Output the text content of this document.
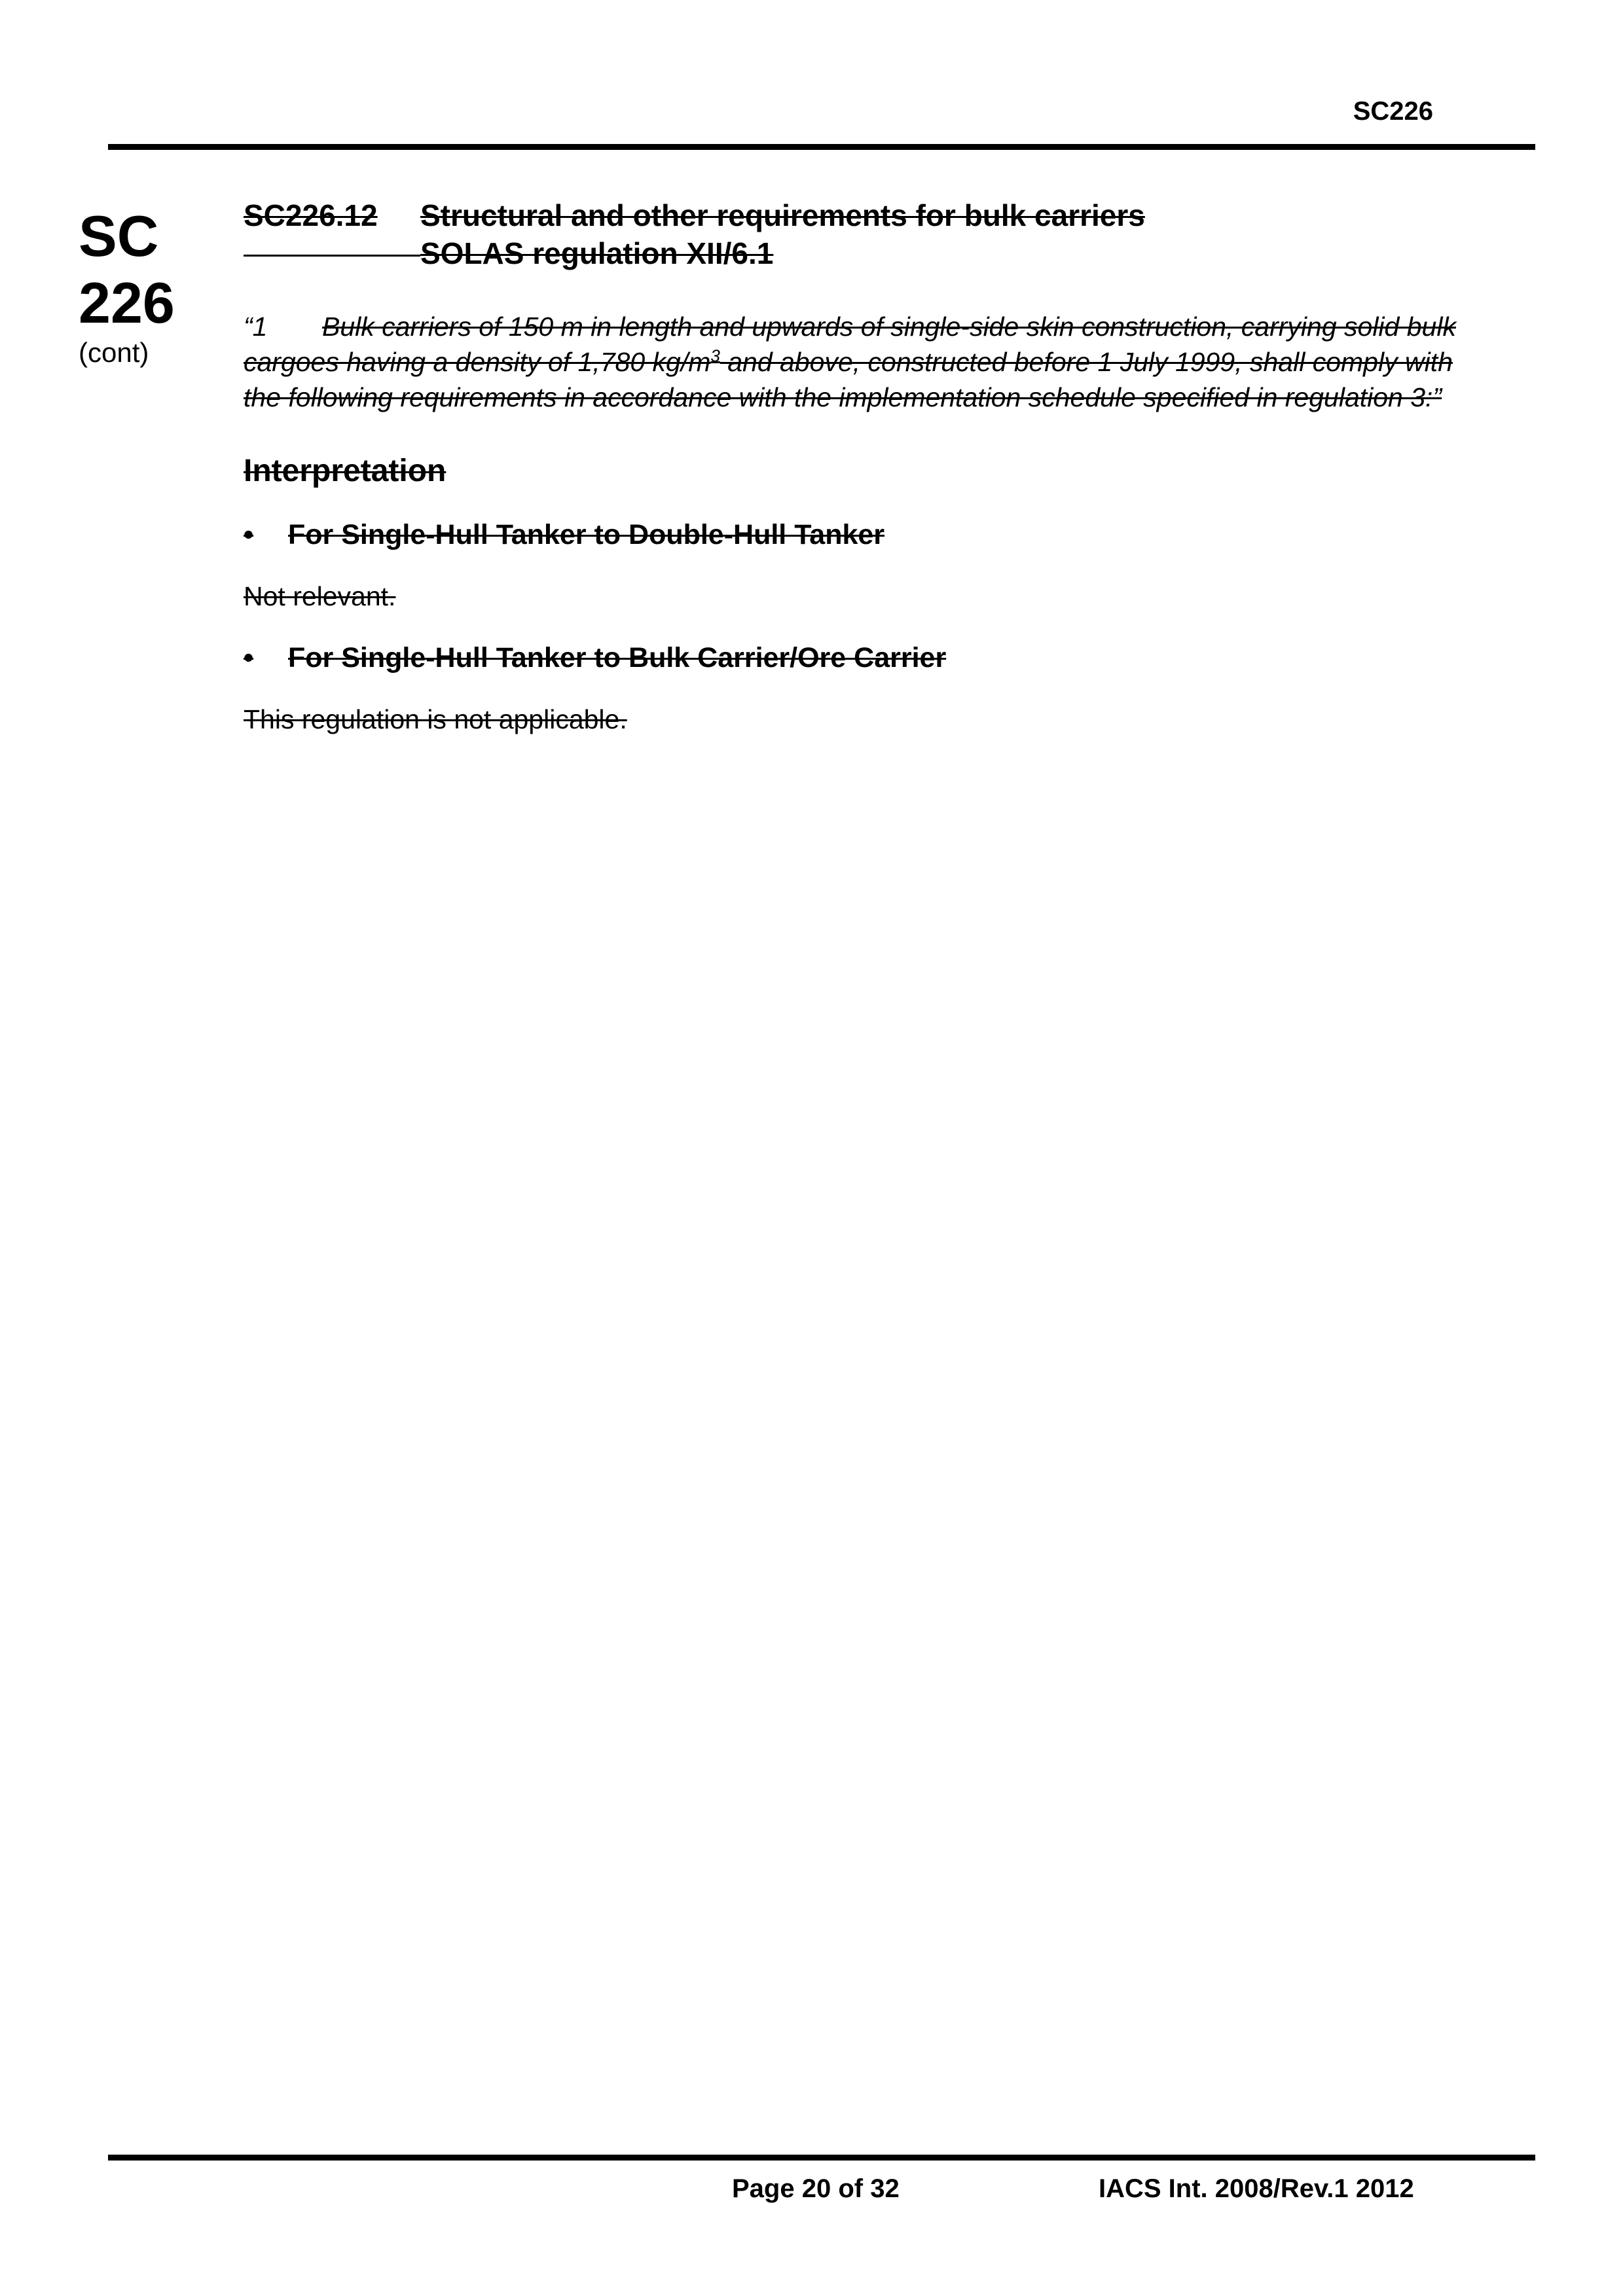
SC226
SC
226
(cont)
SC226.12	Structural and other requirements for bulk carriers
SOLAS regulation XII/6.1
“1 Bulk carriers of 150 m in length and upwards of single-side skin construction, carrying solid bulk cargoes having a density of 1,780 $kg/m^3$ and above, constructed before 1 July 1999, shall comply with the following requirements in accordance with the implementation schedule specified in regulation 3:”
Interpretation
•	For Single-Hull Tanker to Double-Hull Tanker
Not relevant.
•	For Single-Hull Tanker to Bulk Carrier/Ore Carrier
This regulation is not applicable.
Page 20 of 32	IACS Int. 2008/Rev.1 2012
